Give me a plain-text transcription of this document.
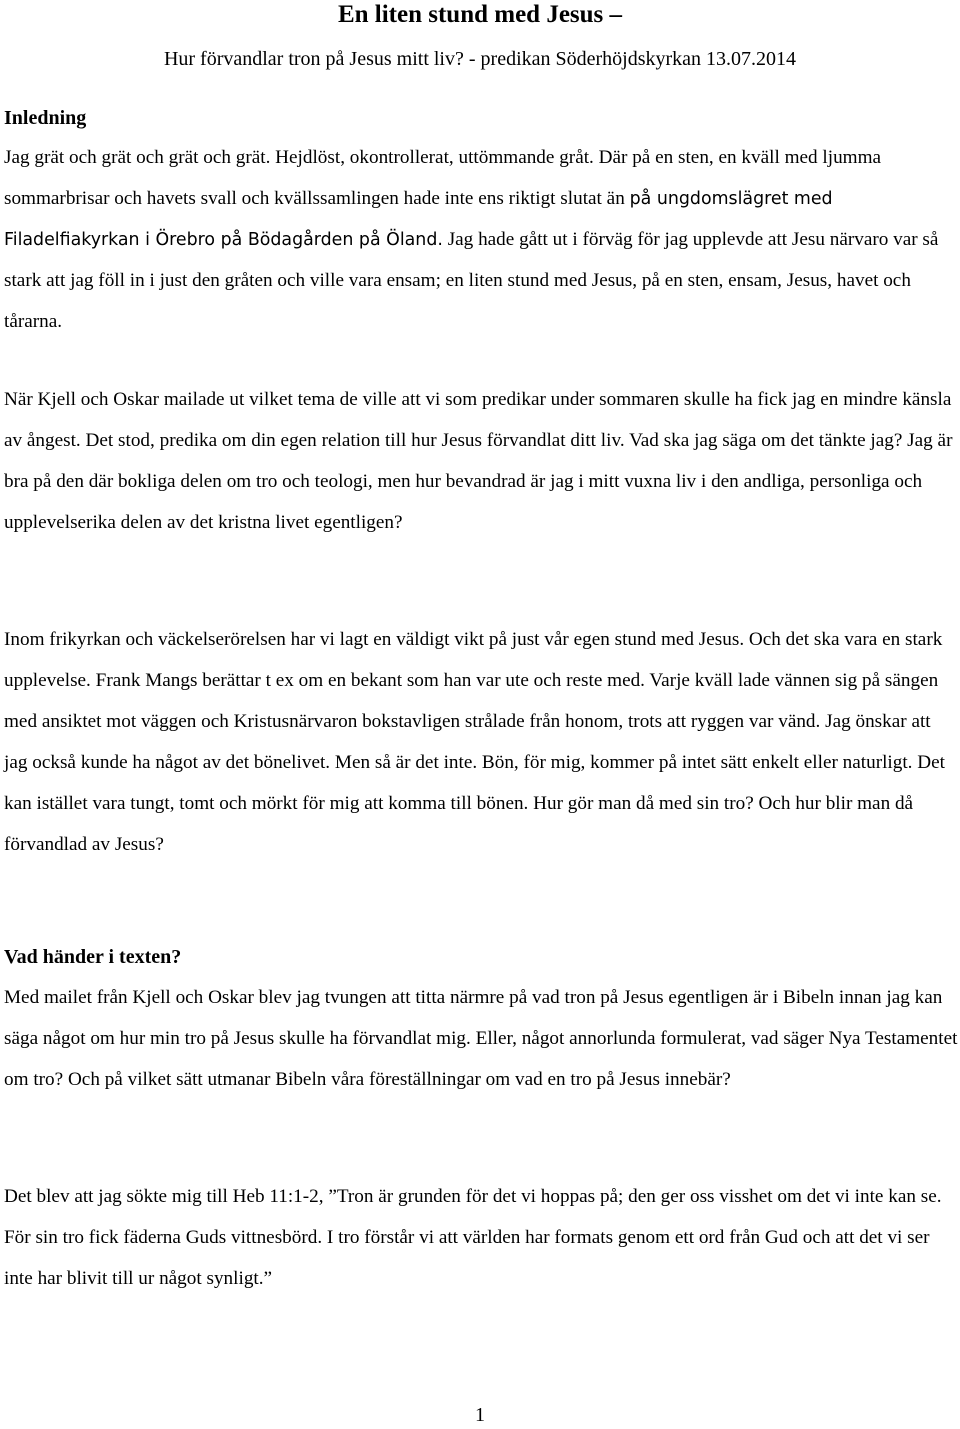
En liten stund med Jesus –
Hur förvandlar tron på Jesus mitt liv? - predikan Söderhöjdskyrkan 13.07.2014
Inledning

Jag grät och grät och grät och grät. Hejdlöst, okontrollerat, uttömmande gråt. Där på en sten, en kväll med ljumma sommarbrisar och havets svall och kvällssamlingen hade inte ens riktigt slutat än på ungdomslägret med Filadelfiakyrkan i Örebro på Bödagården på Öland. Jag hade gått ut i förväg för jag upplevde att Jesu närvaro var så stark att jag föll in i just den gråten och ville vara ensam; en liten stund med Jesus, på en sten, ensam, Jesus, havet och tårarna.

När Kjell och Oskar mailade ut vilket tema de ville att vi som predikar under sommaren skulle ha fick jag en mindre känsla av ångest. Det stod, predika om din egen relation till hur Jesus förvandlat ditt liv. Vad ska jag säga om det tänkte jag? Jag är bra på den där bokliga delen om tro och teologi, men hur bevandrad är jag i mitt vuxna liv i den andliga, personliga och upplevelserika delen av det kristna livet egentligen?

Inom frikyrkan och väckelserörelsen har vi lagt en väldigt vikt på just vår egen stund med Jesus. Och det ska vara en stark upplevelse. Frank Mangs berättar t ex om en bekant som han var ute och reste med. Varje kväll lade vännen sig på sängen med ansiktet mot väggen och Kristusnärvaron bokstavligen strålade från honom, trots att ryggen var vänd. Jag önskar att jag också kunde ha något av det bönelivet. Men så är det inte. Bön, för mig, kommer på intet sätt enkelt eller naturligt. Det kan istället vara tungt, tomt och mörkt för mig att komma till bönen. Hur gör man då med sin tro? Och hur blir man då förvandlad av Jesus?

Vad händer i texten?

Med mailet från Kjell och Oskar blev jag tvungen att titta närmre på vad tron på Jesus egentligen är i Bibeln innan jag kan säga något om hur min tro på Jesus skulle ha förvandlat mig. Eller, något annorlunda formulerat, vad säger Nya Testamentet om tro? Och på vilket sätt utmanar Bibeln våra föreställningar om vad en tro på Jesus innebär?

Det blev att jag sökte mig till Heb 11:1-2, ”Tron är grunden för det vi hoppas på; den ger oss visshet om det vi inte kan se. För sin tro fick fäderna Guds vittnesbörd. I tro förstår vi att världen har formats genom ett ord från Gud och att det vi ser inte har blivit till ur något synligt.”

1
